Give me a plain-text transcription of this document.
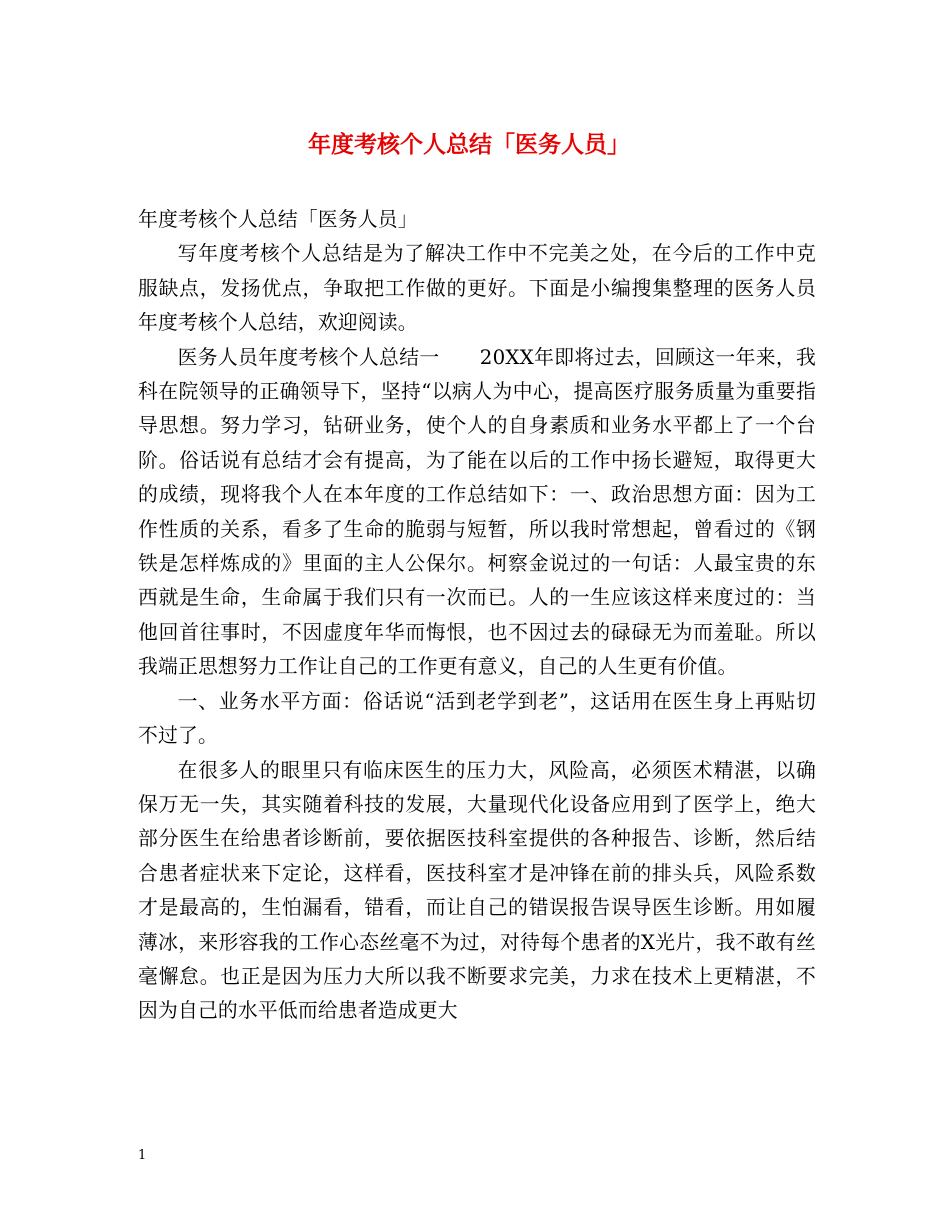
年度考核个人总结「医务人员」

年度考核个人总结「医务人员」

写年度考核个人总结是为了解决工作中不完美之处，在今后的工作中克服缺点，发扬优点，争取把工作做的更好。下面是小编搜集整理的医务人员年度考核个人总结，欢迎阅读。

医务人员年度考核个人总结一　　20XX年即将过去，回顾这一年来，我科在院领导的正确领导下，坚持“以病人为中心，提高医疗服务质量为重要指导思想。努力学习，钻研业务，使个人的自身素质和业务水平都上了一个台阶。俗话说有总结才会有提高，为了能在以后的工作中扬长避短，取得更大的成绩，现将我个人在本年度的工作总结如下：一、政治思想方面：因为工作性质的关系，看多了生命的脆弱与短暂，所以我时常想起，曾看过的《钢铁是怎样炼成的》里面的主人公保尔。柯察金说过的一句话：人最宝贵的东西就是生命，生命属于我们只有一次而已。人的一生应该这样来度过的：当他回首往事时，不因虚度年华而悔恨，也不因过去的碌碌无为而羞耻。所以我端正思想努力工作让自己的工作更有意义，自己的人生更有价值。

一、业务水平方面：俗话说“活到老学到老”，这话用在医生身上再贴切不过了。

在很多人的眼里只有临床医生的压力大，风险高，必须医术精湛，以确保万无一失，其实随着科技的发展，大量现代化设备应用到了医学上，绝大部分医生在给患者诊断前，要依据医技科室提供的各种报告、诊断，然后结合患者症状来下定论，这样看，医技科室才是冲锋在前的排头兵，风险系数才是最高的，生怕漏看，错看，而让自己的错误报告误导医生诊断。用如履薄冰，来形容我的工作心态丝毫不为过，对待每个患者的X光片，我不敢有丝毫懈怠。也正是因为压力大所以我不断要求完美，力求在技术上更精湛，不因为自己的水平低而给患者造成更大

1
